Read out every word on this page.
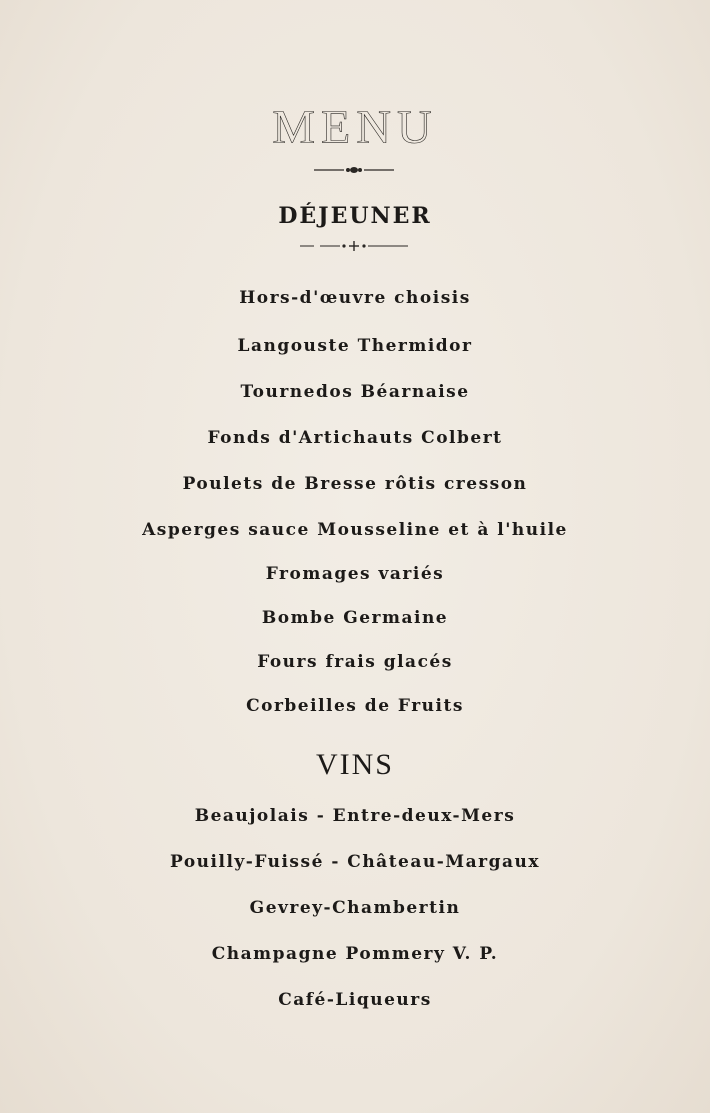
MENU
DÉJEUNER
Hors-d'œuvre choisis
Langouste Thermidor
Tournedos Béarnaise
Fonds d'Artichauts Colbert
Poulets de Bresse rôtis cresson
Asperges sauce Mousseline et à l'huile
Fromages variés
Bombe Germaine
Fours frais glacés
Corbeilles de Fruits
VINS
Beaujolais - Entre-deux-Mers
Pouilly-Fuissé - Château-Margaux
Gevrey-Chambertin
Champagne Pommery V. P.
Café-Liqueurs
